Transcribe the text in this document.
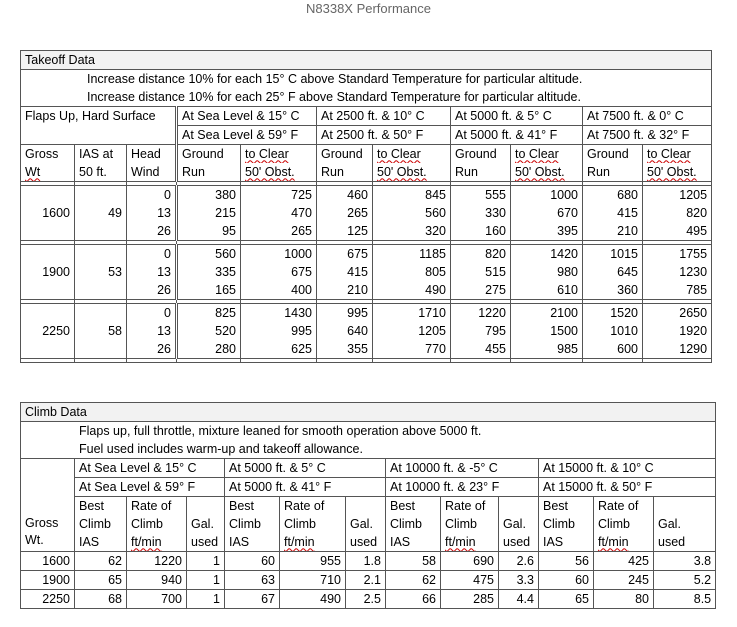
N8338X Performance
Takeoff Data										
Increase distance 10% for each 15° C above Standard Temperature for particular altitude.										
Increase distance 10% for each 25° F above Standard Temperature for particular altitude.										
Flaps Up, Hard Surface			At Sea Level & 15° C		At 2500 ft. & 10° C		At 5000 ft. & 5° C		At 7500 ft. & 0° C	
			At Sea Level & 59° F		At 2500 ft. & 50° F		At 5000 ft. & 41° F		At 7500 ft. & 32° F	
Gross	IAS at	Head	Ground	to Clear	Ground	to Clear	Ground	to Clear	Ground	to Clear
Wt	50 ft.	Wind	Run	50' Obst.	Run	50' Obst.	Run	50' Obst.	Run	50' Obst.

1600	49	0	380	725	460	845	555	1000	680	1205
		13	215	470	265	560	330	670	415	820
		26	95	265	125	320	160	395	210	495

1900	53	0	560	1000	675	1185	820	1420	1015	1755
		13	335	675	415	805	515	980	645	1230
		26	165	400	210	490	275	610	360	785

2250	58	0	825	1430	995	1710	1220	2100	1520	2650
		13	520	995	640	1205	795	1500	1010	1920
		26	280	625	355	770	455	985	600	1290

Climb Data												
Flaps up, full throttle, mixture leaned for smooth operation above 5000 ft.												
Fuel used includes warm-up and takeoff allowance.												

Gross
Wt.	At Sea Level & 15° C			At 5000 ft. & 5° C			At 10000 ft. & -5° C			At 15000 ft. & 10° C		
	At Sea Level & 59° F			At 5000 ft. & 41° F			At 10000 ft. & 23° F			At 15000 ft. & 50° F		
	Best	Rate of		Best	Rate of		Best	Rate of		Best	Rate of	
	Climb	Climb	Gal.	Climb	Climb	Gal.	Climb	Climb	Gal.	Climb	Climb	Gal.
	IAS	ft/min	used	IAS	ft/min	used	IAS	ft/min	used	IAS	ft/min	used
1600	62	1220	1	60	955	1.8	58	690	2.6	56	425	3.8
1900	65	940	1	63	710	2.1	62	475	3.3	60	245	5.2
2250	68	700	1	67	490	2.5	66	285	4.4	65	80	8.5
